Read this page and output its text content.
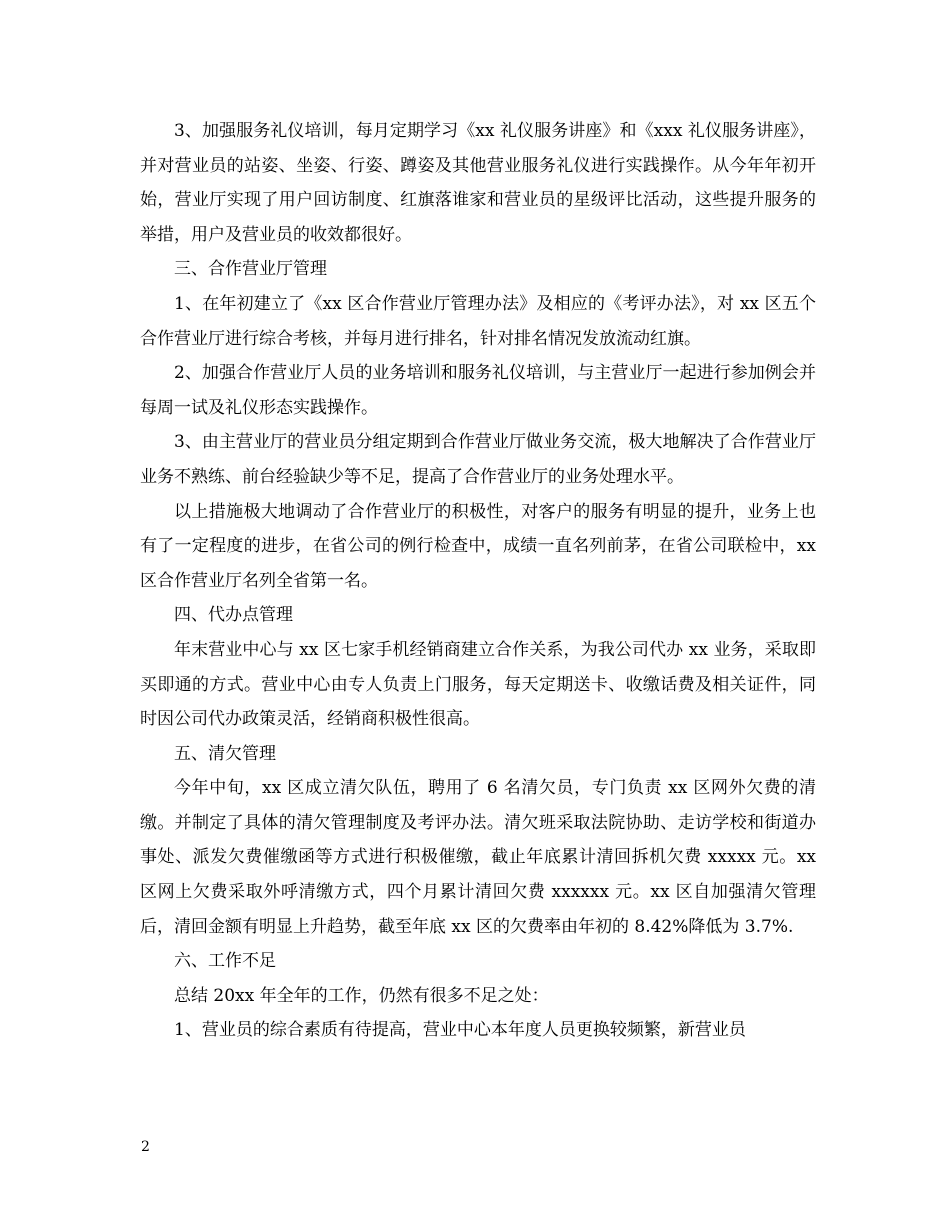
3、加强服务礼仪培训，每月定期学习《xx 礼仪服务讲座》和《xxx 礼仪服务讲座》，并对营业员的站姿、坐姿、行姿、蹲姿及其他营业服务礼仪进行实践操作。从今年年初开始，营业厅实现了用户回访制度、红旗落谁家和营业员的星级评比活动，这些提升服务的举措，用户及营业员的收效都很好。

三、合作营业厅管理

1、在年初建立了《xx 区合作营业厅管理办法》及相应的《考评办法》，对 xx 区五个合作营业厅进行综合考核，并每月进行排名，针对排名情况发放流动红旗。

2、加强合作营业厅人员的业务培训和服务礼仪培训，与主营业厅一起进行参加例会并每周一试及礼仪形态实践操作。

3、由主营业厅的营业员分组定期到合作营业厅做业务交流，极大地解决了合作营业厅业务不熟练、前台经验缺少等不足，提高了合作营业厅的业务处理水平。

以上措施极大地调动了合作营业厅的积极性，对客户的服务有明显的提升，业务上也有了一定程度的进步，在省公司的例行检查中，成绩一直名列前茅，在省公司联检中，xx 区合作营业厅名列全省第一名。

四、代办点管理

年末营业中心与 xx 区七家手机经销商建立合作关系，为我公司代办 xx 业务，采取即买即通的方式。营业中心由专人负责上门服务，每天定期送卡、收缴话费及相关证件，同时因公司代办政策灵活，经销商积极性很高。

五、清欠管理

今年中旬，xx 区成立清欠队伍，聘用了 6 名清欠员，专门负责 xx 区网外欠费的清缴。并制定了具体的清欠管理制度及考评办法。清欠班采取法院协助、走访学校和街道办事处、派发欠费催缴函等方式进行积极催缴，截止年底累计清回拆机欠费 xxxxx 元。xx 区网上欠费采取外呼清缴方式，四个月累计清回欠费 xxxxxx 元。xx 区自加强清欠管理后，清回金额有明显上升趋势，截至年底 xx 区的欠费率由年初的 8.42%降低为 3.7%.

六、工作不足

总结 20xx 年全年的工作，仍然有很多不足之处：

1、营业员的综合素质有待提高，营业中心本年度人员更换较频繁，新营业员

2
